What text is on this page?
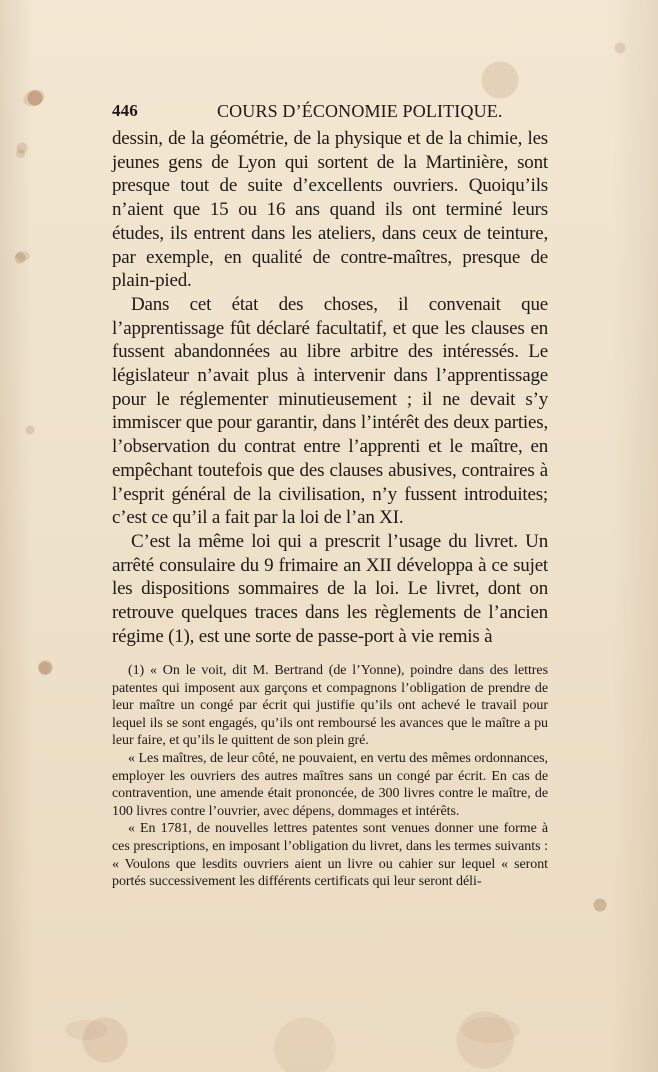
446	COURS D’ÉCONOMIE POLITIQUE.

dessin, de la géométrie, de la physique et de la chimie, les jeunes gens de Lyon qui sortent de la Martinière, sont presque tout de suite d’excellents ouvriers. Quoiqu’ils n’aient que 15 ou 16 ans quand ils ont terminé leurs études, ils entrent dans les ateliers, dans ceux de teinture, par exemple, en qualité de contre-maîtres, presque de plain-pied.

Dans cet état des choses, il convenait que l’apprentissage fût déclaré facultatif, et que les clauses en fussent abandonnées au libre arbitre des intéressés. Le législateur n’avait plus à intervenir dans l’apprentissage pour le réglementer minutieusement ; il ne devait s’y immiscer que pour garantir, dans l’intérêt des deux parties, l’observation du contrat entre l’apprenti et le maître, en empêchant toutefois que des clauses abusives, contraires à l’esprit général de la civilisation, n’y fussent introduites; c’est ce qu’il a fait par la loi de l’an XI.

C’est la même loi qui a prescrit l’usage du livret. Un arrêté consulaire du 9 frimaire an XII développa à ce sujet les dispositions sommaires de la loi. Le livret, dont on retrouve quelques traces dans les règlements de l’ancien régime (1), est une sorte de passe-port à vie remis à

(1) « On le voit, dit M. Bertrand (de l’Yonne), poindre dans des lettres patentes qui imposent aux garçons et compagnons l’obligation de prendre de leur maître un congé par écrit qui justifie qu’ils ont achevé le travail pour lequel ils se sont engagés, qu’ils ont remboursé les avances que le maître a pu leur faire, et qu’ils le quittent de son plein gré.

« Les maîtres, de leur côté, ne pouvaient, en vertu des mêmes ordonnances, employer les ouvriers des autres maîtres sans un congé par écrit. En cas de contravention, une amende était prononcée, de 300 livres contre le maître, de 100 livres contre l’ouvrier, avec dépens, dommages et intérêts.

« En 1781, de nouvelles lettres patentes sont venues donner une forme à ces prescriptions, en imposant l’obligation du livret, dans les termes suivants : « Voulons que lesdits ouvriers aient un livre ou cahier sur lequel « seront portés successivement les différents certificats qui leur seront déli-
